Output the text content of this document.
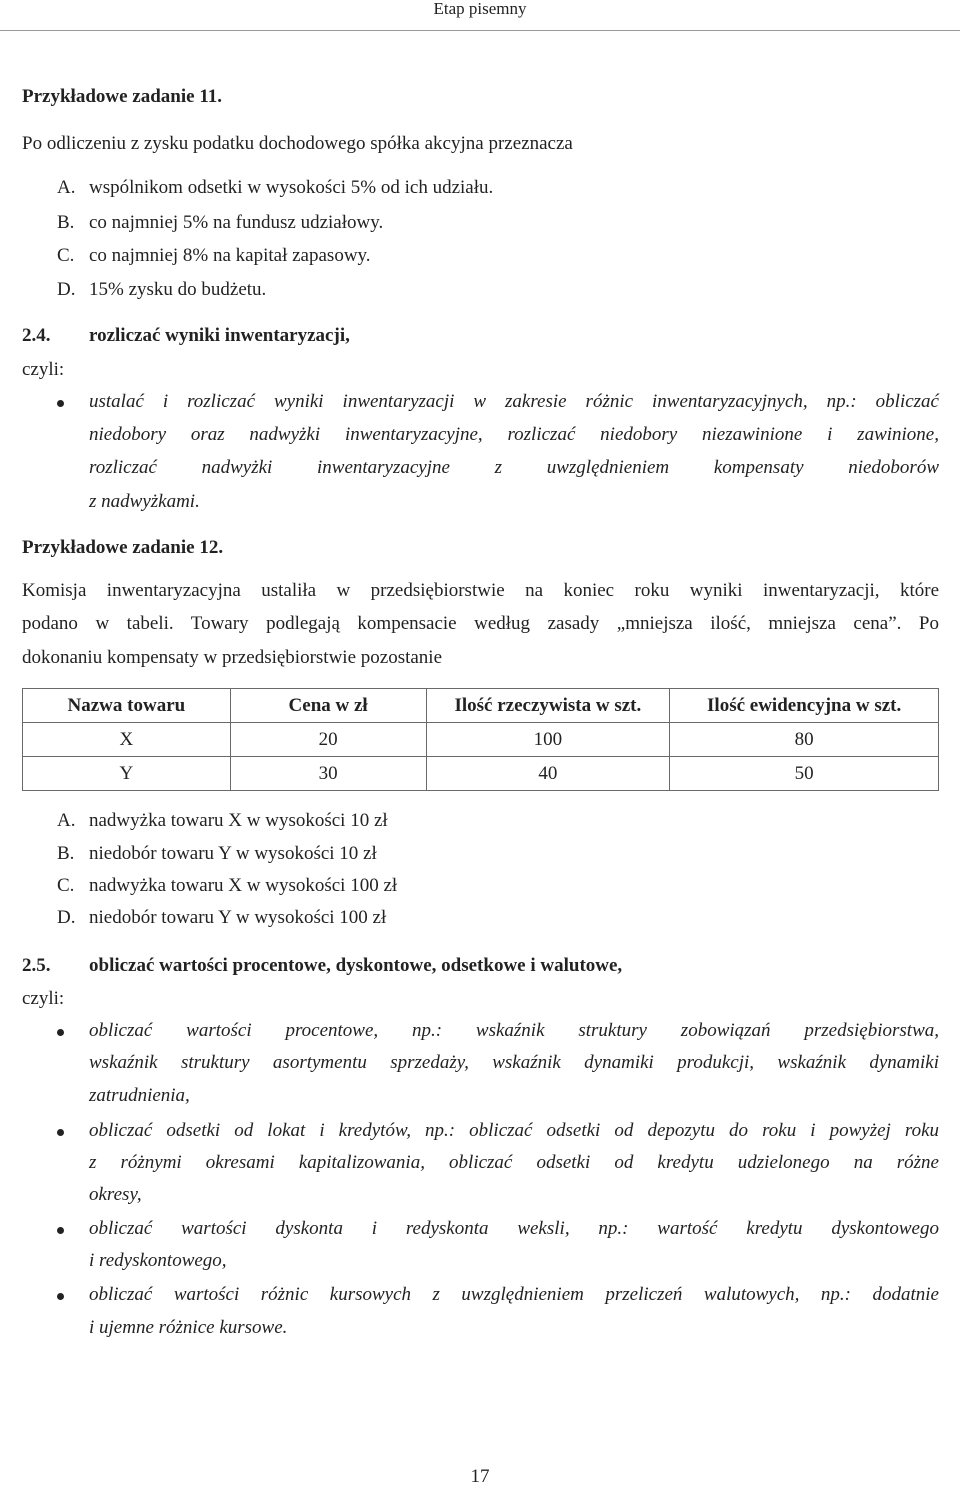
Etap pisemny
Przykładowe zadanie 11.
Po odliczeniu z zysku podatku dochodowego spółka akcyjna przeznacza
A. wspólnikom odsetki w wysokości 5% od ich udziału.
B. co najmniej 5% na fundusz udziałowy.
C. co najmniej 8% na kapitał zapasowy.
D. 15% zysku do budżetu.
2.4. rozliczać wyniki inwentaryzacji,
czyli:
ustalać i rozliczać wyniki inwentaryzacji w zakresie różnic inwentaryzacyjnych, np.: obliczać
niedobory oraz nadwyżki inwentaryzacyjne, rozliczać niedobory niezawinione i zawinione,
rozliczać nadwyżki inwentaryzacyjne z uwzględnieniem kompensaty niedoborów
z nadwyżkami.
Przykładowe zadanie 12.
Komisja inwentaryzacyjna ustaliła w przedsiębiorstwie na koniec roku wyniki inwentaryzacji, które
podano w tabeli. Towary podlegają kompensacie według zasady „mniejsza ilość, mniejsza cena”. Po
dokonaniu kompensaty w przedsiębiorstwie pozostanie
Nazwa towaru	Cena w zł	Ilość rzeczywista w szt.	Ilość ewidencyjna w szt.
X	20	100	80
Y	30	40	50
A. nadwyżka towaru X w wysokości 10 zł
B. niedobór towaru Y w wysokości 10 zł
C. nadwyżka towaru X w wysokości 100 zł
D. niedobór towaru Y w wysokości 100 zł
2.5. obliczać wartości procentowe, dyskontowe, odsetkowe i walutowe,
czyli:
obliczać wartości procentowe, np.: wskaźnik struktury zobowiązań przedsiębiorstwa,
wskaźnik struktury asortymentu sprzedaży, wskaźnik dynamiki produkcji, wskaźnik dynamiki
zatrudnienia,
obliczać odsetki od lokat i kredytów, np.: obliczać odsetki od depozytu do roku i powyżej roku
z różnymi okresami kapitalizowania, obliczać odsetki od kredytu udzielonego na różne
okresy,
obliczać wartości dyskonta i redyskonta weksli, np.: wartość kredytu dyskontowego
i redyskontowego,
obliczać wartości różnic kursowych z uwzględnieniem przeliczeń walutowych, np.: dodatnie
i ujemne różnice kursowe.
17
